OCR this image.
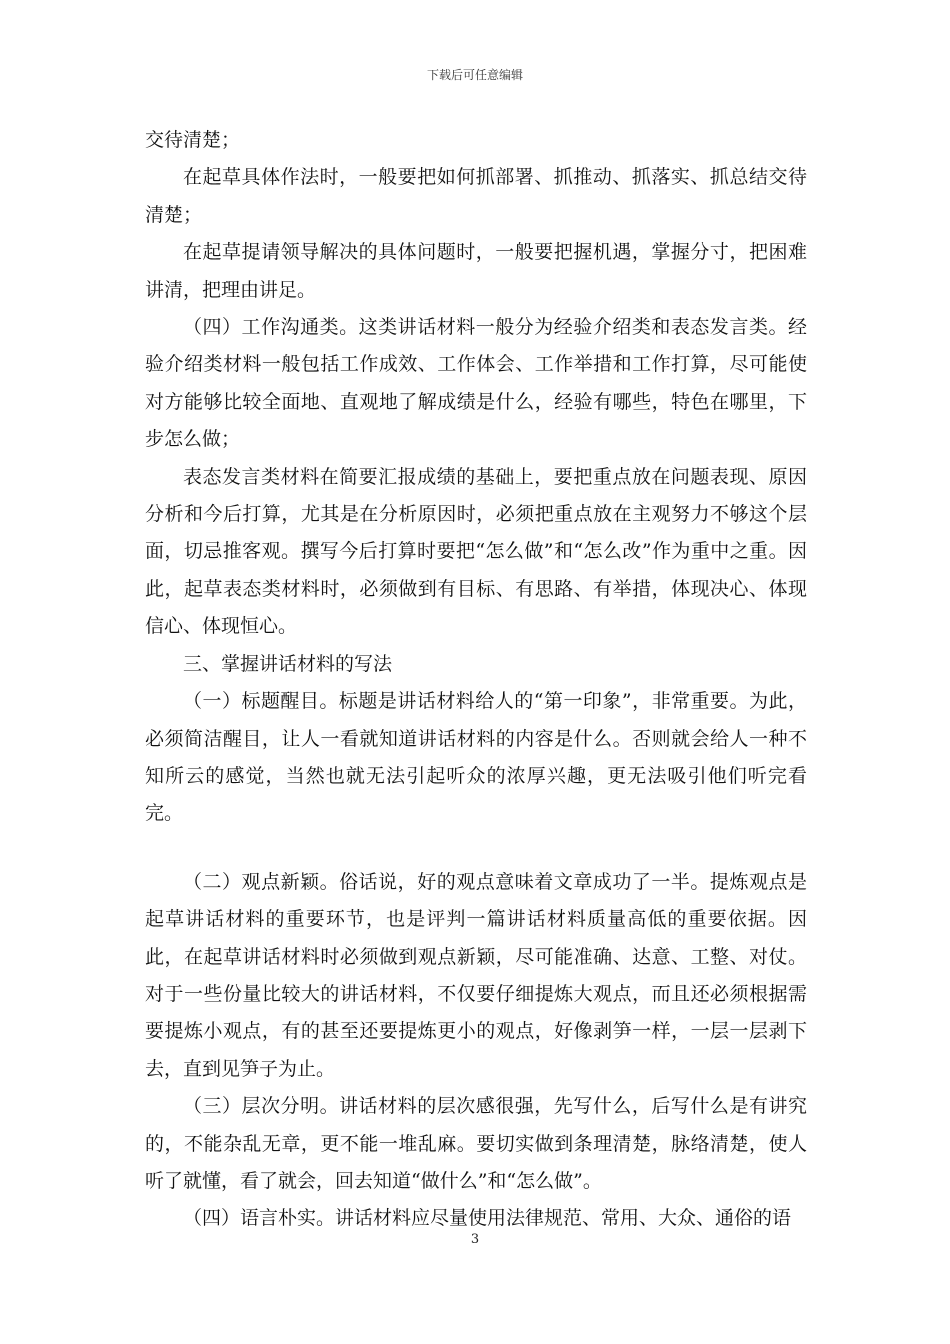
下载后可任意编辑

交待清楚；

在起草具体作法时，一般要把如何抓部署、抓推动、抓落实、抓总结交待清楚；

在起草提请领导解决的具体问题时，一般要把握机遇，掌握分寸，把困难讲清，把理由讲足。

（四）工作沟通类。这类讲话材料一般分为经验介绍类和表态发言类。经验介绍类材料一般包括工作成效、工作体会、工作举措和工作打算，尽可能使对方能够比较全面地、直观地了解成绩是什么，经验有哪些，特色在哪里，下步怎么做；

表态发言类材料在简要汇报成绩的基础上，要把重点放在问题表现、原因分析和今后打算，尤其是在分析原因时，必须把重点放在主观努力不够这个层面，切忌推客观。撰写今后打算时要把“怎么做”和“怎么改”作为重中之重。因此，起草表态类材料时，必须做到有目标、有思路、有举措，体现决心、体现信心、体现恒心。

三、掌握讲话材料的写法

（一）标题醒目。标题是讲话材料给人的“第一印象”，非常重要。为此，必须简洁醒目，让人一看就知道讲话材料的内容是什么。否则就会给人一种不知所云的感觉，当然也就无法引起听众的浓厚兴趣，更无法吸引他们听完看完。

（二）观点新颖。俗话说，好的观点意味着文章成功了一半。提炼观点是起草讲话材料的重要环节，也是评判一篇讲话材料质量高低的重要依据。因此，在起草讲话材料时必须做到观点新颖，尽可能准确、达意、工整、对仗。对于一些份量比较大的讲话材料，不仅要仔细提炼大观点，而且还必须根据需要提炼小观点，有的甚至还要提炼更小的观点，好像剥笋一样，一层一层剥下去，直到见笋子为止。

（三）层次分明。讲话材料的层次感很强，先写什么，后写什么是有讲究的，不能杂乱无章，更不能一堆乱麻。要切实做到条理清楚，脉络清楚，使人听了就懂，看了就会，回去知道“做什么”和“怎么做”。

（四）语言朴实。讲话材料应尽量使用法律规范、常用、大众、通俗的语

3
